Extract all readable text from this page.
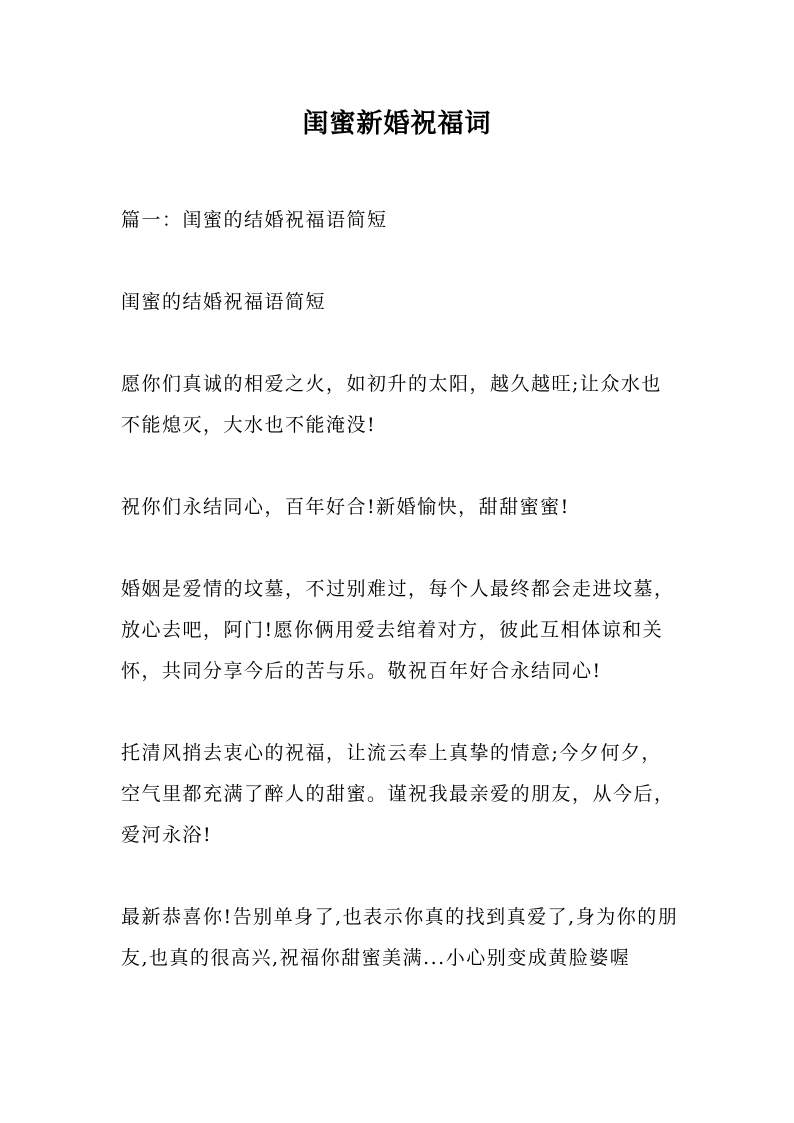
闺蜜新婚祝福词

篇一：闺蜜的结婚祝福语简短

闺蜜的结婚祝福语简短

愿你们真诚的相爱之火，如初升的太阳，越久越旺;让众水也不能熄灭，大水也不能淹没!

祝你们永结同心，百年好合!新婚愉快，甜甜蜜蜜!

婚姻是爱情的坟墓，不过别难过，每个人最终都会走进坟墓，放心去吧，阿门!愿你俩用爱去绾着对方，彼此互相体谅和关怀，共同分享今后的苦与乐。敬祝百年好合永结同心!

托清风捎去衷心的祝福，让流云奉上真挚的情意;今夕何夕，空气里都充满了醉人的甜蜜。谨祝我最亲爱的朋友，从今后，爱河永浴!

最新恭喜你!告别单身了,也表示你真的找到真爱了,身为你的朋友,也真的很高兴,祝福你甜蜜美满...小心别变成黄脸婆喔
